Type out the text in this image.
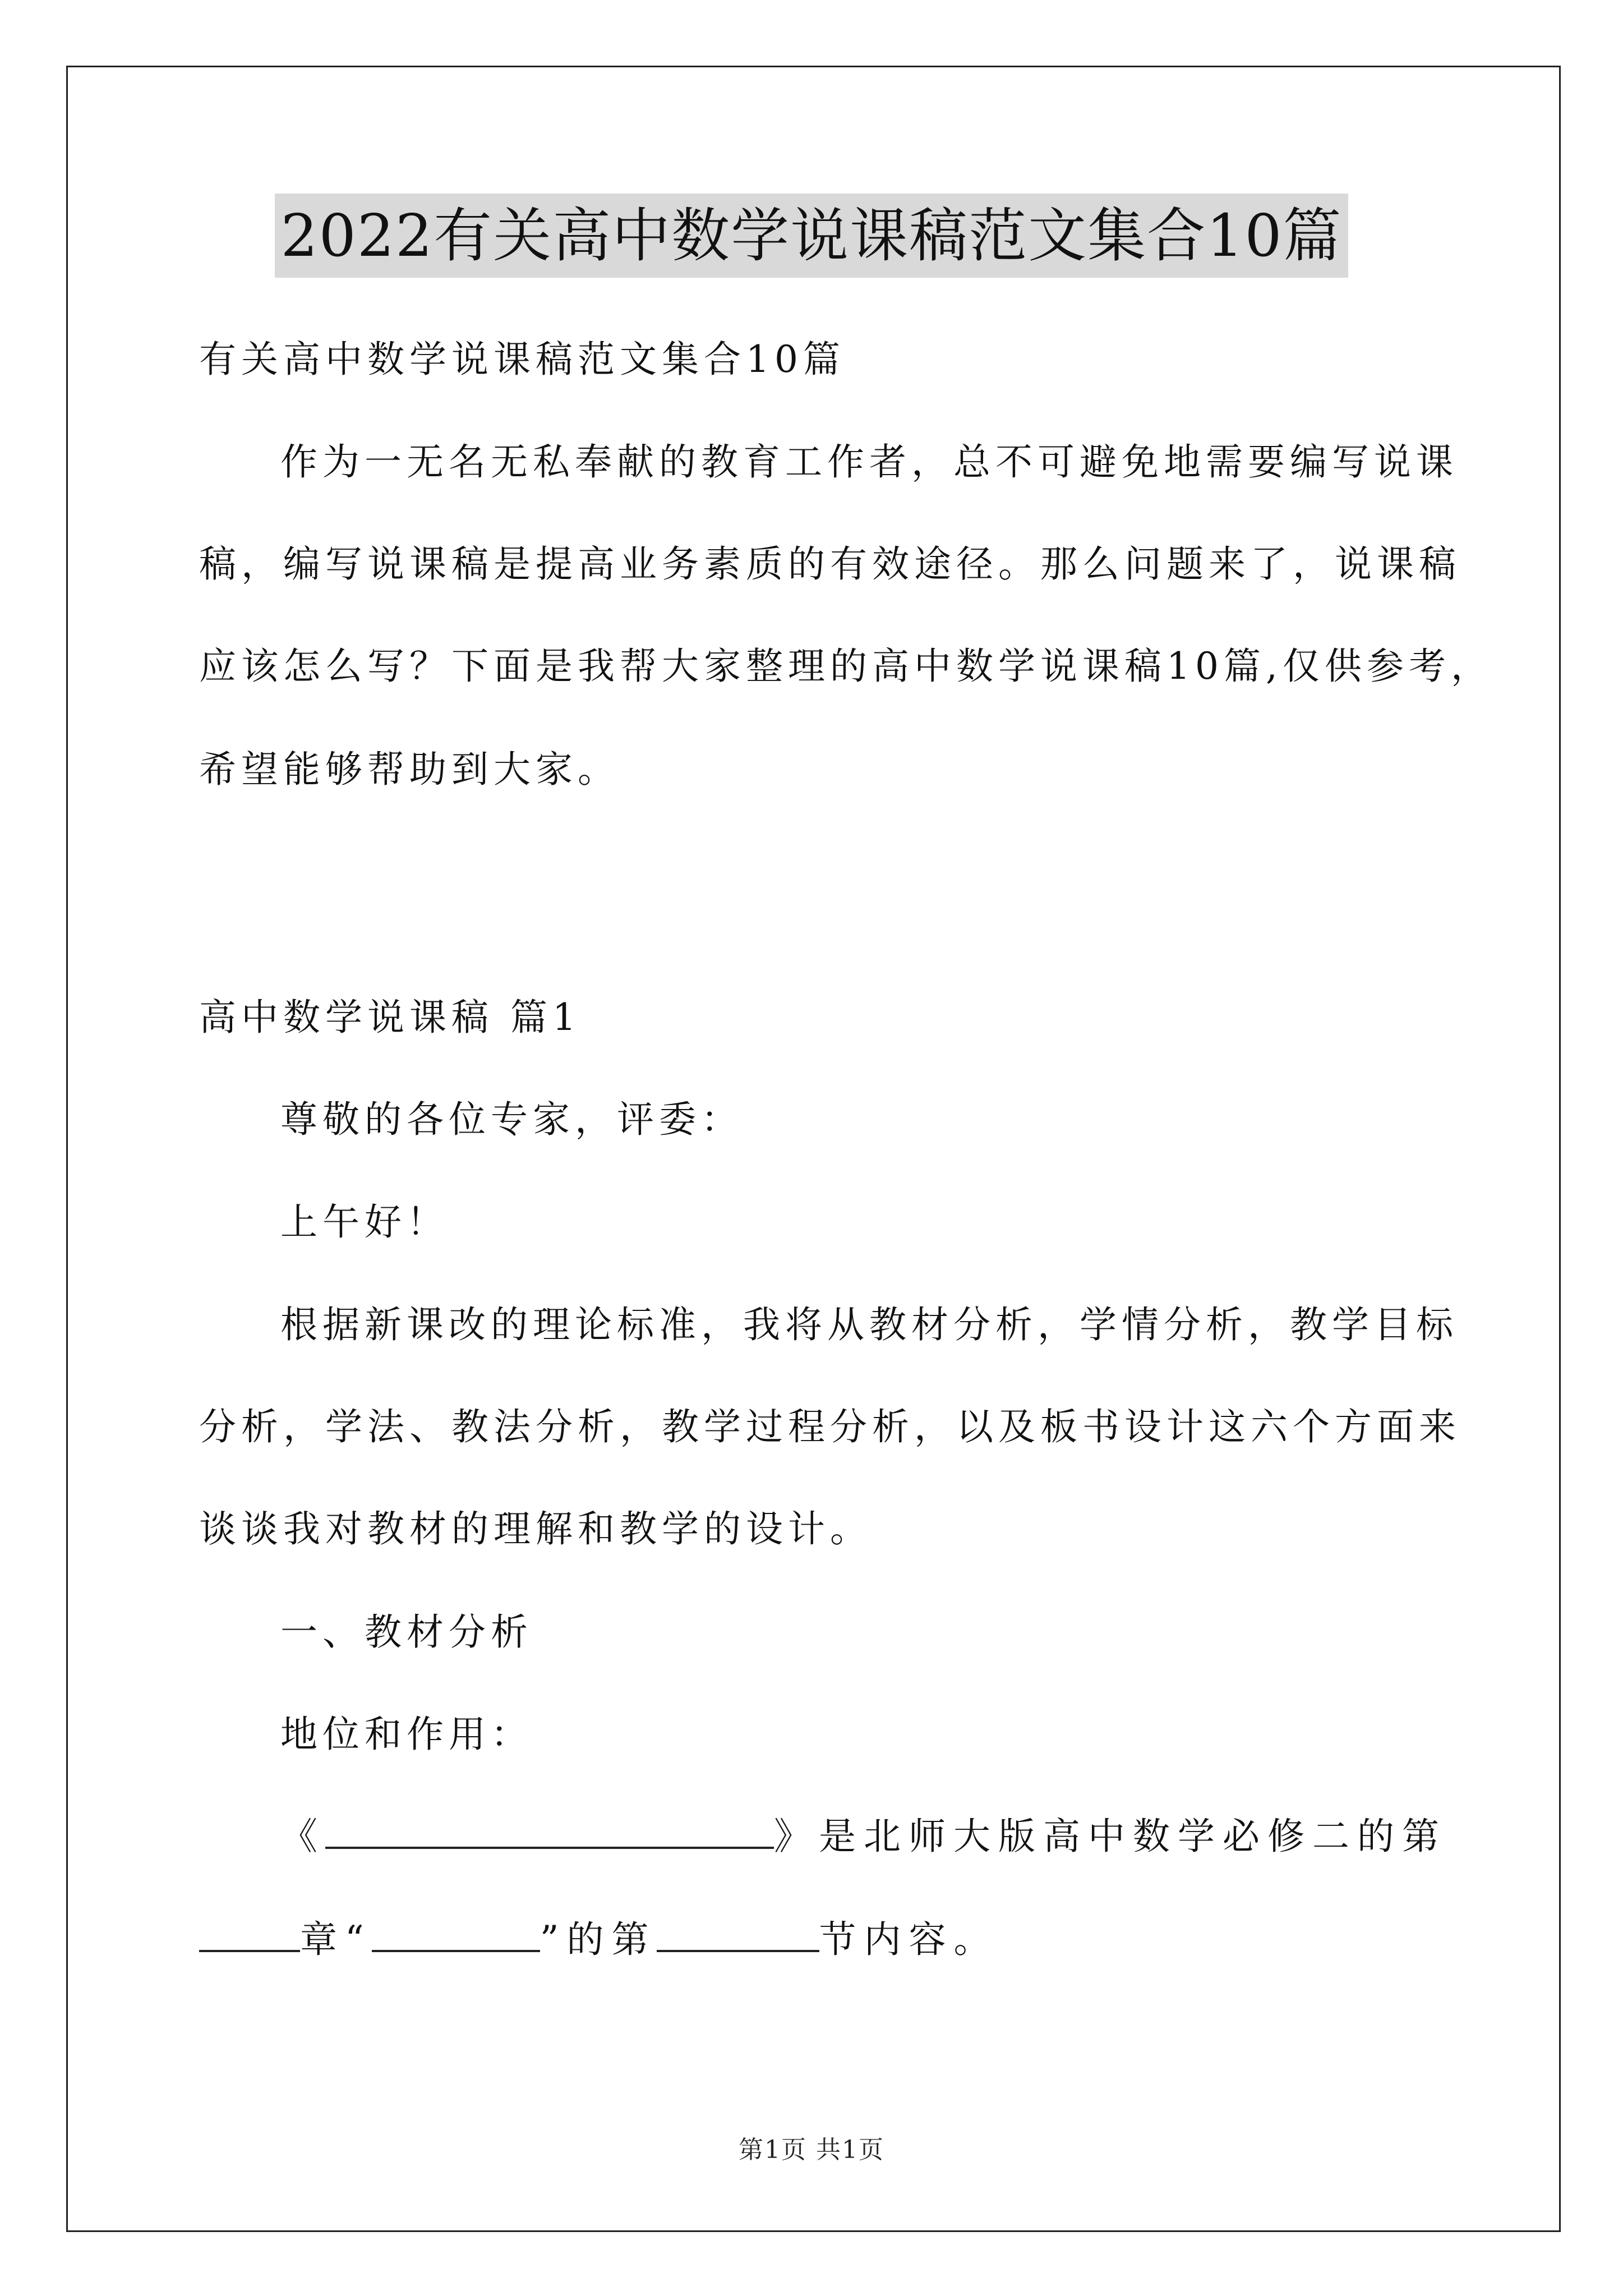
2022有关高中数学说课稿范文集合10篇
有关高中数学说课稿范文集合10篇
作为一无名无私奉献的教育工作者，总不可避免地需要编写说课
稿，编写说课稿是提高业务素质的有效途径。那么问题来了，说课稿
应该怎么写？下面是我帮大家整理的高中数学说课稿10篇,仅供参考，
希望能够帮助到大家。
高中数学说课稿 篇1
尊敬的各位专家，评委：
上午好！
根据新课改的理论标准，我将从教材分析，学情分析，教学目标
分析，学法、教法分析，教学过程分析，以及板书设计这六个方面来
谈谈我对教材的理解和教学的设计。
一、教材分析
地位和作用：
《	》是北师大版高中数学必修二的第
章“	”的第	节内容。
第1页 共1页
